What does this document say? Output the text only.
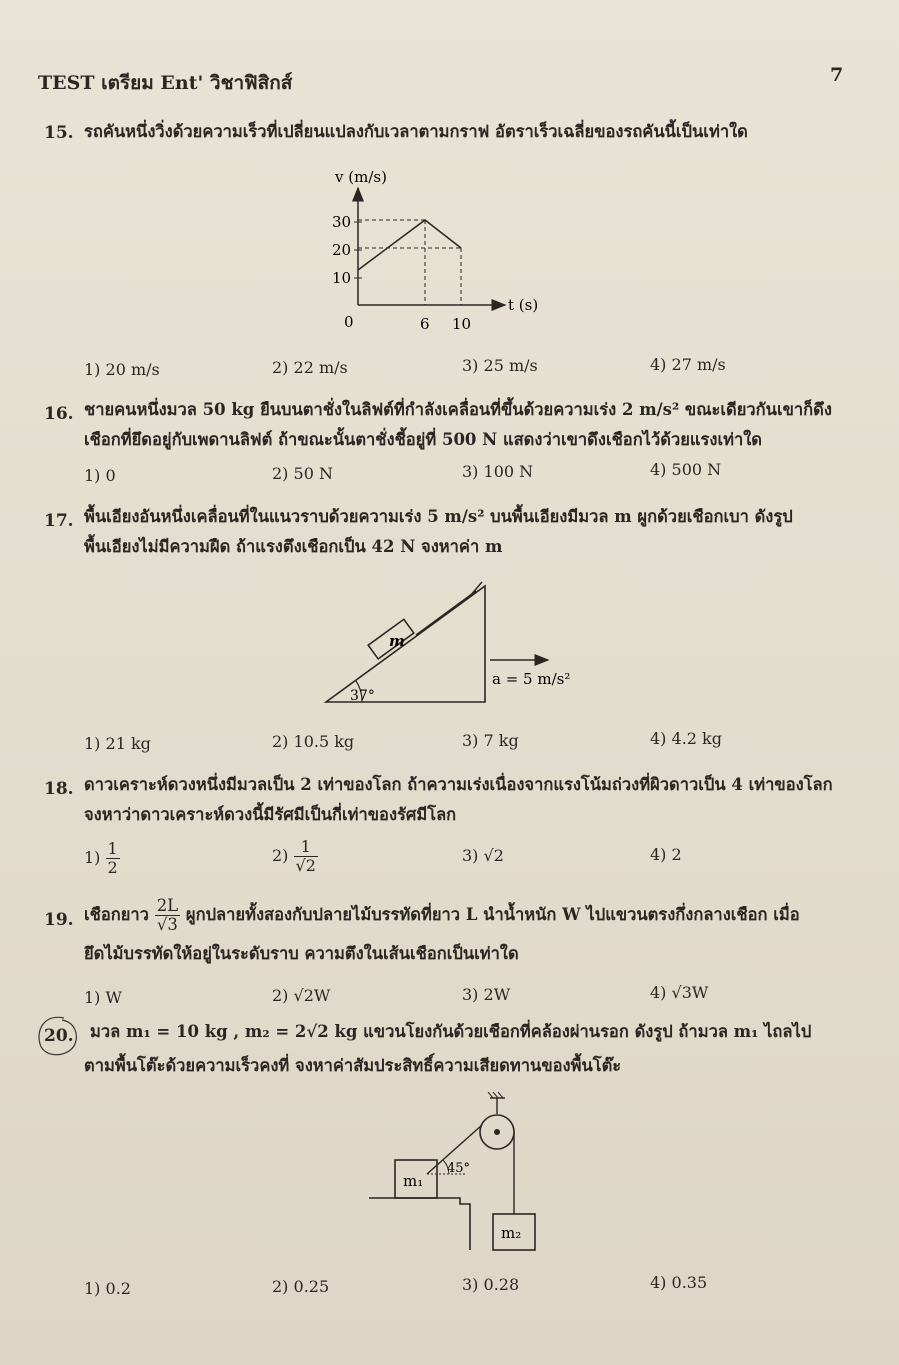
TEST เตรียม Ent' วิชาฟิสิกส์	7
15. รถคันหนึ่งวิ่งด้วยความเร็วที่เปลี่ยนแปลงกับเวลาตามกราฟ อัตราเร็วเฉลี่ยของรถคันนี้เป็นเท่าใด
v (m/s)
t (s)
30
20
10
0	6 10
1) 20 m/s	2) 22 m/s	3) 25 m/s	4) 27 m/s
16. ชายคนหนึ่งมวล 50 kg ยืนบนตาชั่งในลิฟต์ที่กำลังเคลื่อนที่ขึ้นด้วยความเร่ง 2 m/s² ขณะเดียวกันเขาก็ดึง
เชือกที่ยึดอยู่กับเพดานลิฟต์ ถ้าขณะนั้นตาชั่งชี้อยู่ที่ 500 N แสดงว่าเขาดึงเชือกไว้ด้วยแรงเท่าใด
1) 0	2) 50 N	3) 100 N	4) 500 N
17. พื้นเอียงอันหนึ่งเคลื่อนที่ในแนวราบด้วยความเร่ง 5 m/s² บนพื้นเอียงมีมวล m ผูกด้วยเชือกเบา ดังรูป
พื้นเอียงไม่มีความฝืด ถ้าแรงตึงเชือกเป็น 42 N จงหาค่า m
m
37°
a = 5 m/s²
1) 21 kg	2) 10.5 kg	3) 7 kg	4) 4.2 kg
18. ดาวเคราะห์ดวงหนึ่งมีมวลเป็น 2 เท่าของโลก ถ้าความเร่งเนื่องจากแรงโน้มถ่วงที่ผิวดาวเป็น 4 เท่าของโลก
จงหาว่าดาวเคราะห์ดวงนี้มีรัศมีเป็นกี่เท่าของรัศมีโลก
$1) \frac{1}{2}$	$2) \frac{1}{√2}$	3) √2	4) 2
19. เชือกยาว $\frac{2L}{√3}$ ผูกปลายทั้งสองกับปลายไม้บรรทัดที่ยาว L นำน้ำหนัก W ไปแขวนตรงกึ่งกลางเชือก เมื่อ
ยึดไม้บรรทัดให้อยู่ในระดับราบ ความตึงในเส้นเชือกเป็นเท่าใด
1) W	2) √2W	3) 2W	4) √3W
20. มวล m₁ = 10 kg , m₂ = 2√2 kg แขวนโยงกันด้วยเชือกที่คล้องผ่านรอก ดังรูป ถ้ามวล m₁ ไถลไป
ตามพื้นโต๊ะด้วยความเร็วคงที่ จงหาค่าสัมประสิทธิ์ความเสียดทานของพื้นโต๊ะ
45°
m₁
m₂
1) 0.2	2) 0.25	3) 0.28	4) 0.35
